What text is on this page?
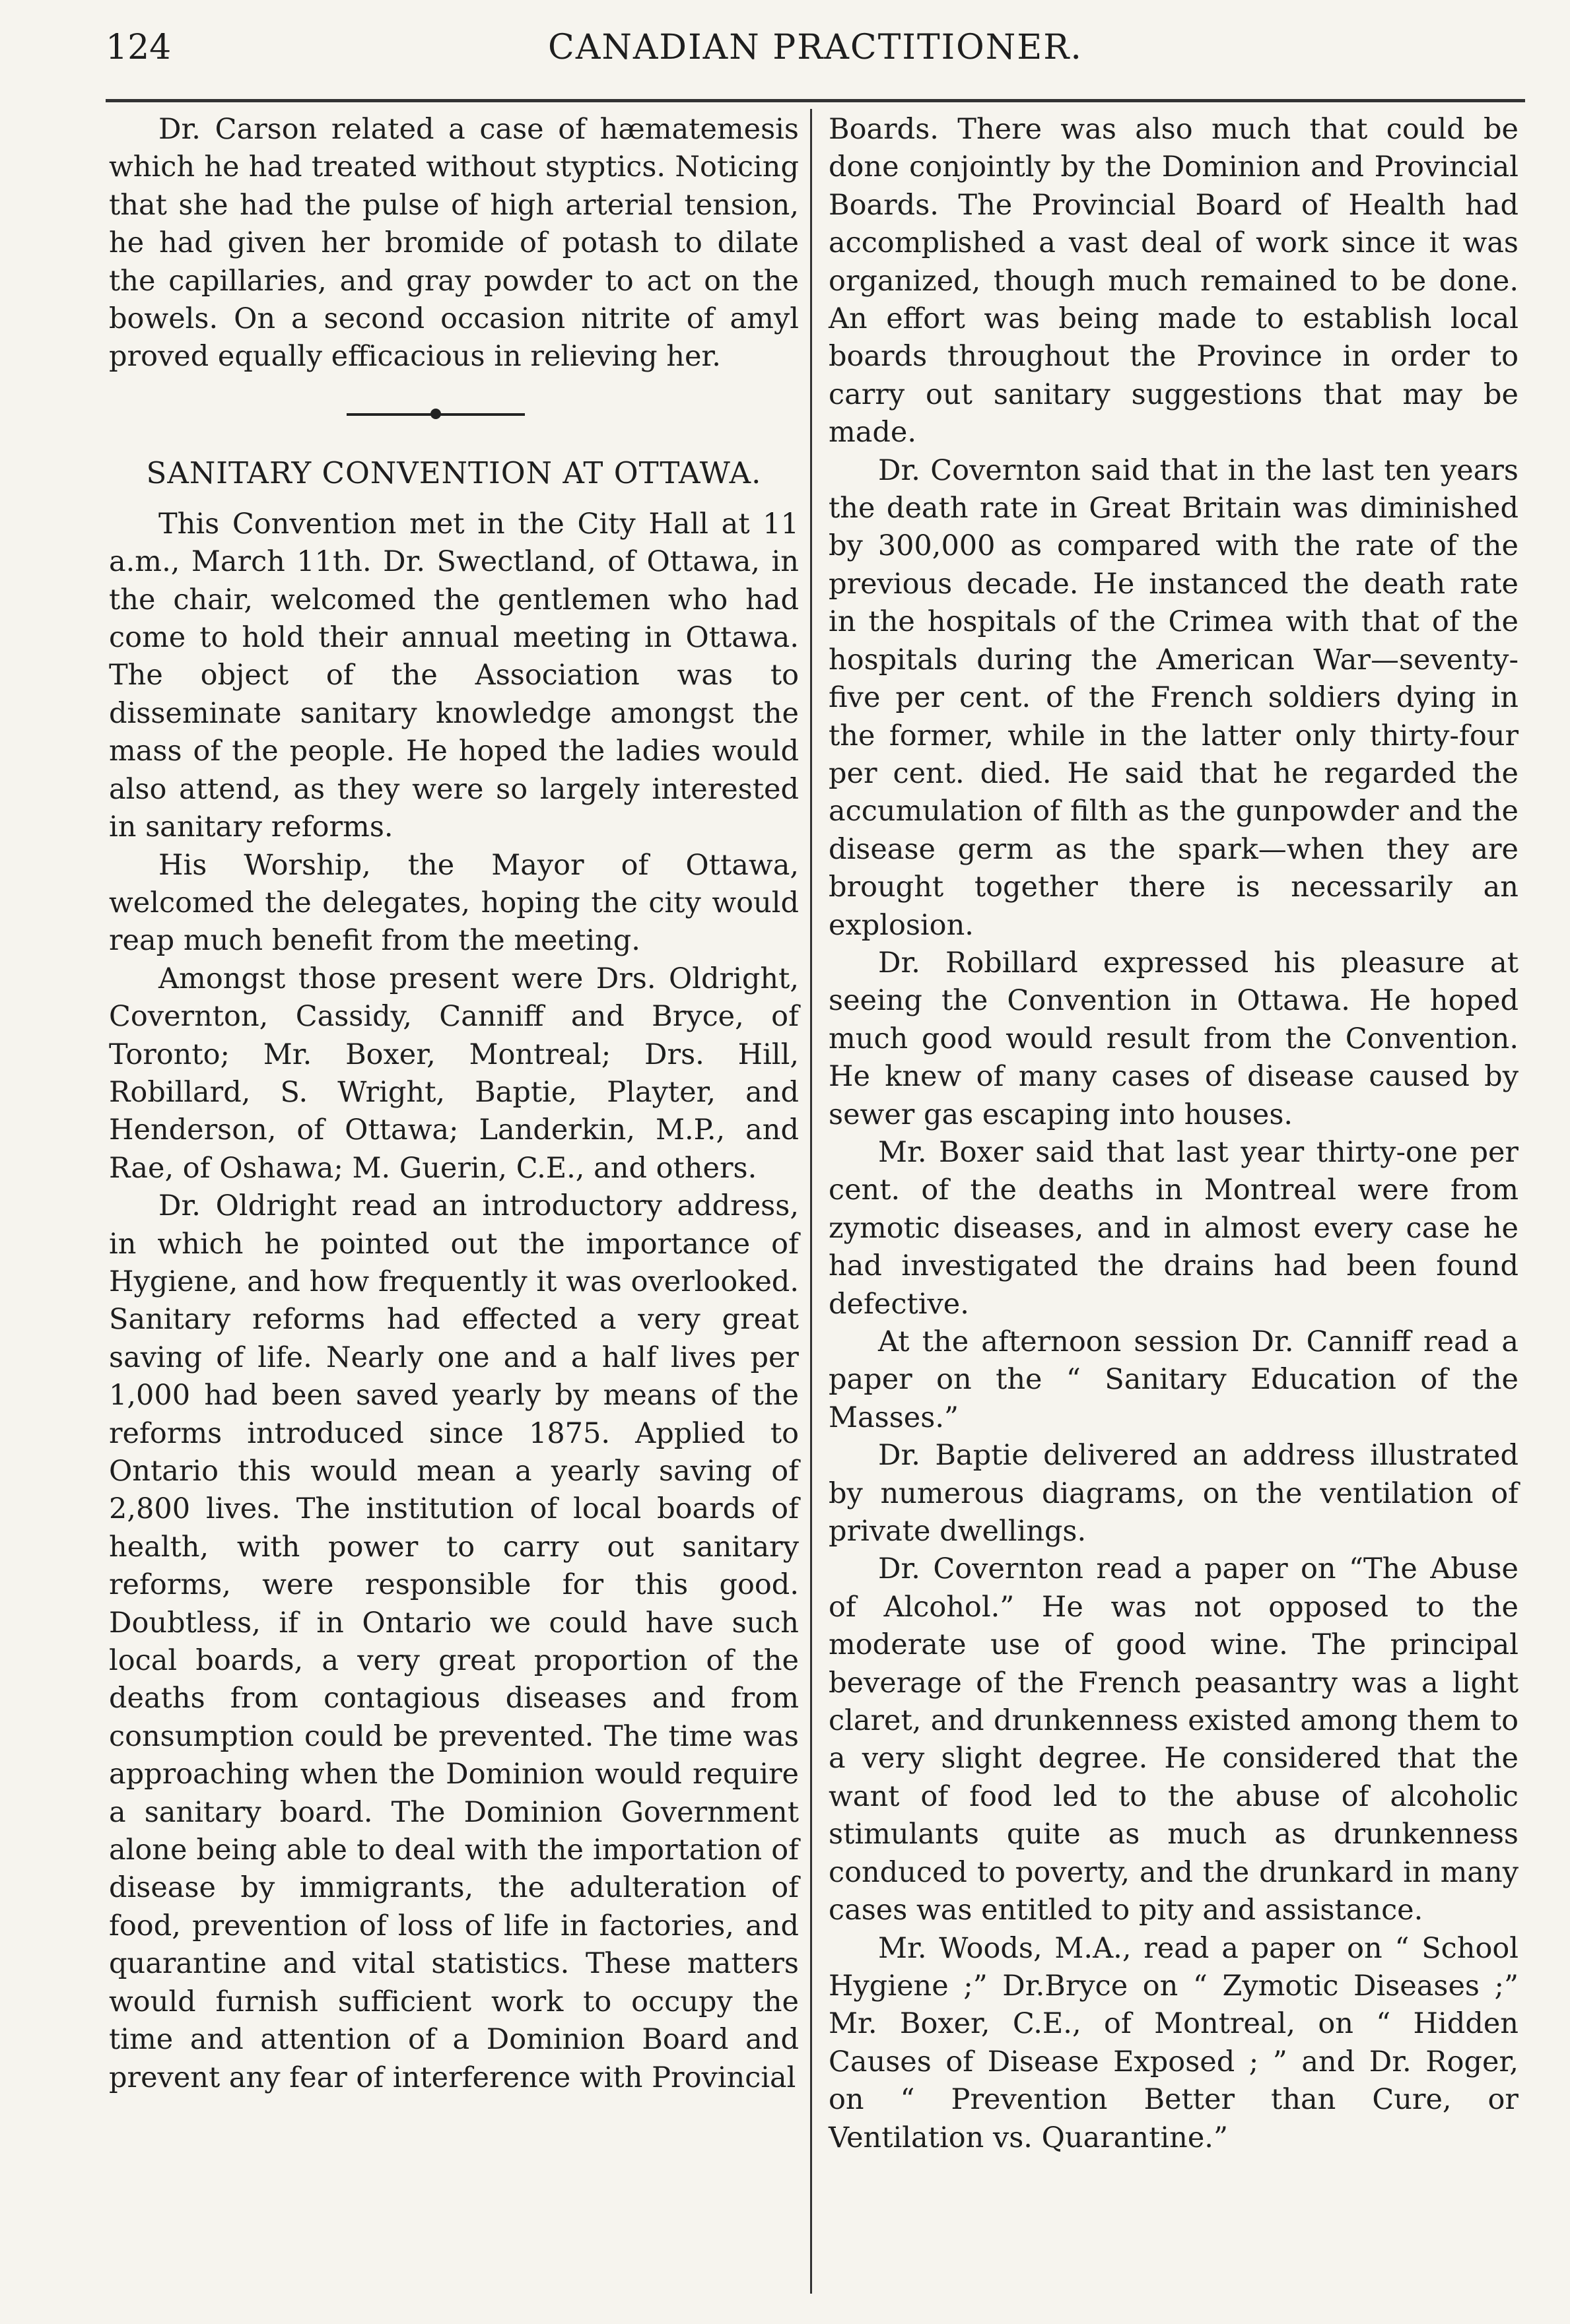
124	CANADIAN PRACTITIONER.

Dr. Carson related a case of hæmatemesis which he had treated without styptics. Noticing that she had the pulse of high arterial tension, he had given her bromide of potash to dilate the capillaries, and gray powder to act on the bowels. On a second occasion nitrite of amyl proved equally efficacious in relieving her.

SANITARY CONVENTION AT OTTAWA.

This Convention met in the City Hall at 11 a.m., March 11th. Dr. Swectland, of Ottawa, in the chair, welcomed the gentlemen who had come to hold their annual meeting in Ottawa. The object of the Association was to disseminate sanitary knowledge amongst the mass of the people. He hoped the ladies would also attend, as they were so largely interested in sanitary reforms.

His Worship, the Mayor of Ottawa, welcomed the delegates, hoping the city would reap much benefit from the meeting.

Amongst those present were Drs. Oldright, Covernton, Cassidy, Canniff and Bryce, of Toronto; Mr. Boxer, Montreal; Drs. Hill, Robillard, S. Wright, Baptie, Playter, and Henderson, of Ottawa; Landerkin, M.P., and Rae, of Oshawa; M. Guerin, C.E., and others.

Dr. Oldright read an introductory address, in which he pointed out the importance of Hygiene, and how frequently it was overlooked. Sanitary reforms had effected a very great saving of life. Nearly one and a half lives per 1,000 had been saved yearly by means of the reforms introduced since 1875. Applied to Ontario this would mean a yearly saving of 2,800 lives. The institution of local boards of health, with power to carry out sanitary reforms, were responsible for this good. Doubtless, if in Ontario we could have such local boards, a very great proportion of the deaths from contagious diseases and from consumption could be prevented. The time was approaching when the Dominion would require a sanitary board. The Dominion Government alone being able to deal with the importation of disease by immigrants, the adulteration of food, prevention of loss of life in factories, and quarantine and vital statistics. These matters would furnish sufficient work to occupy the time and attention of a Dominion Board and prevent any fear of interference with Provincial

Boards. There was also much that could be done conjointly by the Dominion and Provincial Boards. The Provincial Board of Health had accomplished a vast deal of work since it was organized, though much remained to be done. An effort was being made to establish local boards throughout the Province in order to carry out sanitary suggestions that may be made.

Dr. Covernton said that in the last ten years the death rate in Great Britain was diminished by 300,000 as compared with the rate of the previous decade. He instanced the death rate in the hospitals of the Crimea with that of the hospitals during the American War—seventy-five per cent. of the French soldiers dying in the former, while in the latter only thirty-four per cent. died. He said that he regarded the accumulation of filth as the gunpowder and the disease germ as the spark—when they are brought together there is necessarily an explosion.

Dr. Robillard expressed his pleasure at seeing the Convention in Ottawa. He hoped much good would result from the Convention. He knew of many cases of disease caused by sewer gas escaping into houses.

Mr. Boxer said that last year thirty-one per cent. of the deaths in Montreal were from zymotic diseases, and in almost every case he had investigated the drains had been found defective.

At the afternoon session Dr. Canniff read a paper on the “ Sanitary Education of the Masses.”

Dr. Baptie delivered an address illustrated by numerous diagrams, on the ventilation of private dwellings.

Dr. Covernton read a paper on “The Abuse of Alcohol.” He was not opposed to the moderate use of good wine. The principal beverage of the French peasantry was a light claret, and drunkenness existed among them to a very slight degree. He considered that the want of food led to the abuse of alcoholic stimulants quite as much as drunkenness conduced to poverty, and the drunkard in many cases was entitled to pity and assistance.

Mr. Woods, M.A., read a paper on “ School Hygiene ;” Dr.Bryce on “ Zymotic Diseases ;” Mr. Boxer, C.E., of Montreal, on “ Hidden Causes of Disease Exposed ; ” and Dr. Roger, on “ Prevention Better than Cure, or Ventilation vs. Quarantine.”
